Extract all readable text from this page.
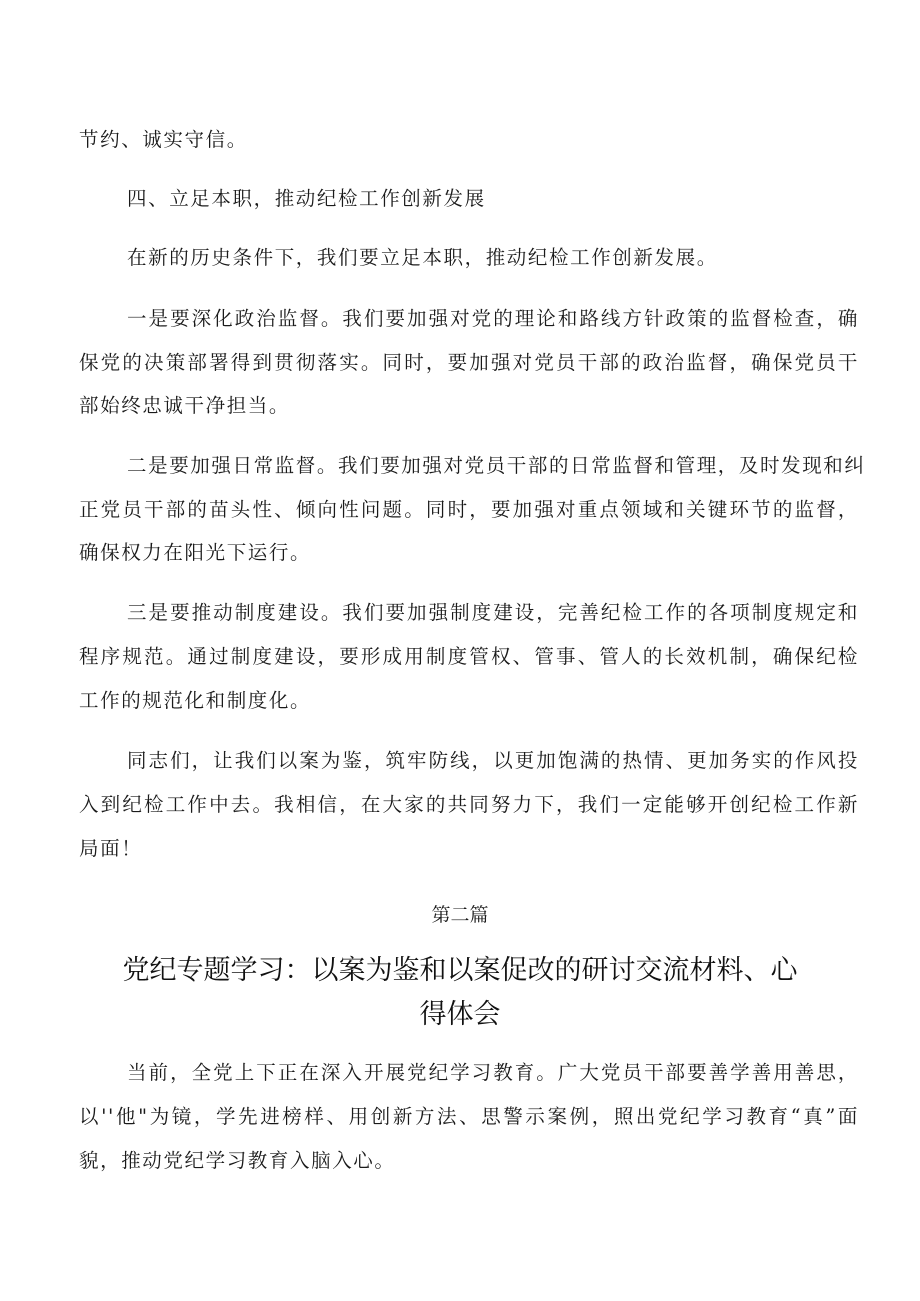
节约、诚实守信。
四、立足本职，推动纪检工作创新发展
在新的历史条件下，我们要立足本职，推动纪检工作创新发展。
一是要深化政治监督。我们要加强对党的理论和路线方针政策的监督检查，确
保党的决策部署得到贯彻落实。同时，要加强对党员干部的政治监督，确保党员干
部始终忠诚干净担当。
二是要加强日常监督。我们要加强对党员干部的日常监督和管理，及时发现和纠
正党员干部的苗头性、倾向性问题。同时，要加强对重点领域和关键环节的监督，
确保权力在阳光下运行。
三是要推动制度建设。我们要加强制度建设，完善纪检工作的各项制度规定和
程序规范。通过制度建设，要形成用制度管权、管事、管人的长效机制，确保纪检
工作的规范化和制度化。
同志们，让我们以案为鉴，筑牢防线，以更加饱满的热情、更加务实的作风投
入到纪检工作中去。我相信，在大家的共同努力下，我们一定能够开创纪检工作新
局面！
第二篇
党纪专题学习：以案为鉴和以案促改的研讨交流材料、心
得体会
当前，全党上下正在深入开展党纪学习教育。广大党员干部要善学善用善思，
以''他"为镜，学先进榜样、用创新方法、思警示案例，照出党纪学习教育“真”面
貌，推动党纪学习教育入脑入心。
